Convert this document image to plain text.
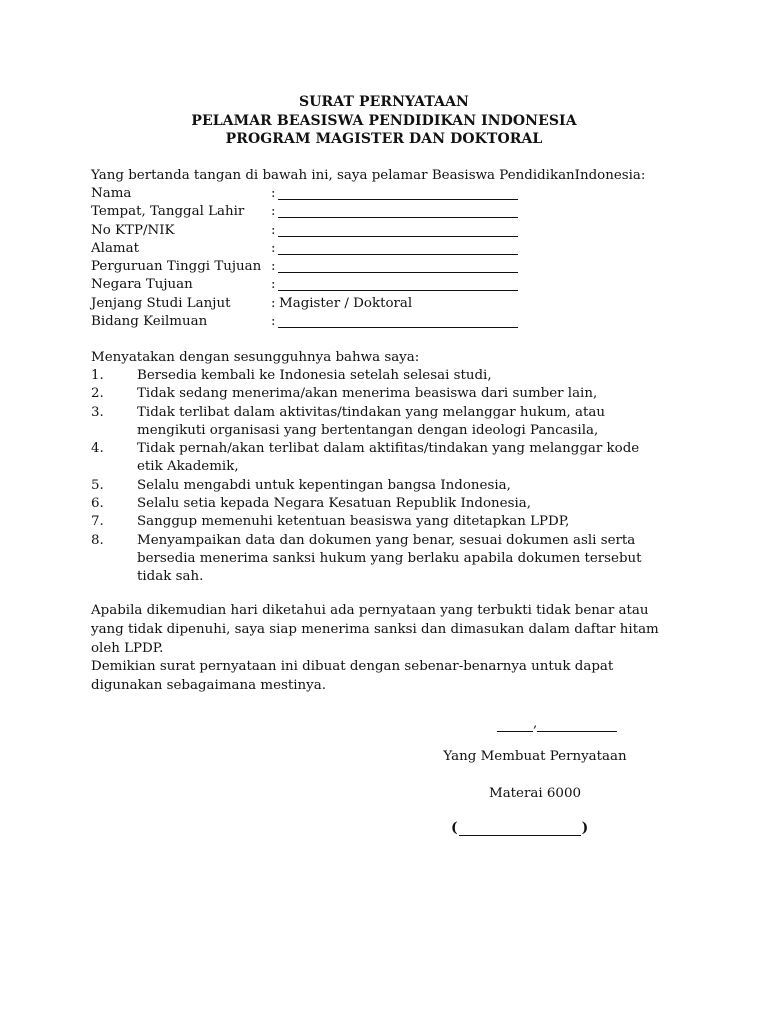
SURAT PERNYATAAN
PELAMAR BEASISWA PENDIDIKAN INDONESIA
PROGRAM MAGISTER DAN DOKTORAL
Yang bertanda tangan di bawah ini, saya pelamar Beasiswa PendidikanIndonesia:
Nama	:
Tempat, Tanggal Lahir :
No KTP/NIK	:
Alamat	:
Perguruan Tinggi Tujuan :
Negara Tujuan	:
Jenjang Studi Lanjut	: Magister / Doktoral
Bidang Keilmuan	:
Menyatakan dengan sesungguhnya bahwa saya:
1. Bersedia kembali ke Indonesia setelah selesai studi,
2. Tidak sedang menerima/akan menerima beasiswa dari sumber lain,
3. Tidak terlibat dalam aktivitas/tindakan yang melanggar hukum, atau mengikuti organisasi yang bertentangan dengan ideologi Pancasila,
4. Tidak pernah/akan terlibat dalam aktifitas/tindakan yang melanggar kode etik Akademik,
5. Selalu mengabdi untuk kepentingan bangsa Indonesia,
6. Selalu setia kepada Negara Kesatuan Republik Indonesia,
7. Sanggup memenuhi ketentuan beasiswa yang ditetapkan LPDP,
8. Menyampaikan data dan dokumen yang benar, sesuai dokumen asli serta bersedia menerima sanksi hukum yang berlaku apabila dokumen tersebut tidak sah.
Apabila dikemudian hari diketahui ada pernyataan yang terbukti tidak benar atau yang tidak dipenuhi, saya siap menerima sanksi dan dimasukan dalam daftar hitam oleh LPDP.
Demikian surat pernyataan ini dibuat dengan sebenar-benarnya untuk dapat digunakan sebagaimana mestinya.
,
Yang Membuat Pernyataan
Materai 6000
(	)
